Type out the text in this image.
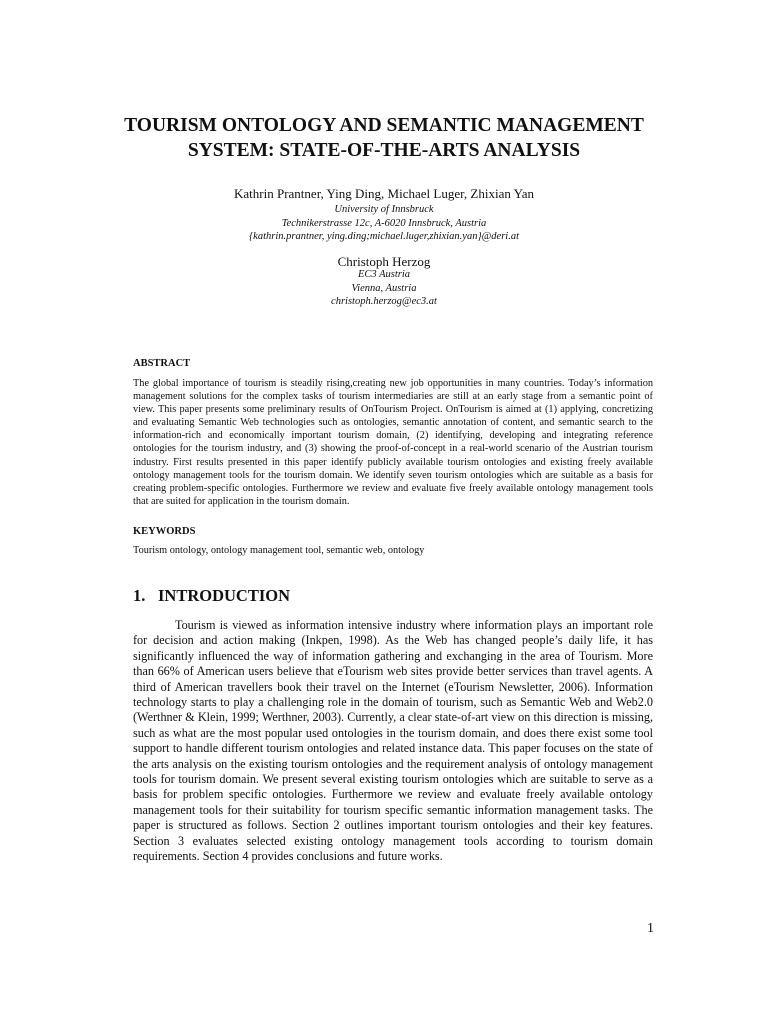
TOURISM ONTOLOGY AND SEMANTIC MANAGEMENT SYSTEM: STATE-OF-THE-ARTS ANALYSIS
Kathrin Prantner, Ying Ding, Michael Luger, Zhixian Yan
University of Innsbruck
Technikerstrasse 12c, A-6020 Innsbruck, Austria
{kathrin.prantner, ying.ding;michael.luger,zhixian.yan}@deri.at
Christoph Herzog
EC3 Austria
Vienna, Austria
christoph.herzog@ec3.at
ABSTRACT
The global importance of tourism is steadily rising,creating new job opportunities in many countries. Today’s information management solutions for the complex tasks of tourism intermediaries are still at an early stage from a semantic point of view. This paper presents some preliminary results of OnTourism Project. OnTourism is aimed at (1) applying, concretizing and evaluating Semantic Web technologies such as ontologies, semantic annotation of content, and semantic search to the information-rich and economically important tourism domain, (2) identifying, developing and integrating reference ontologies for the tourism industry, and (3) showing the proof-of-concept in a real-world scenario of the Austrian tourism industry. First results presented in this paper identify publicly available tourism ontologies and existing freely available ontology management tools for the tourism domain. We identify seven tourism ontologies which are suitable as a basis for creating problem-specific ontologies. Furthermore we review and evaluate five freely available ontology management tools that are suited for application in the tourism domain.
KEYWORDS
Tourism ontology, ontology management tool, semantic web, ontology
1. INTRODUCTION
Tourism is viewed as information intensive industry where information plays an important role for decision and action making (Inkpen, 1998). As the Web has changed people’s daily life, it has significantly influenced the way of information gathering and exchanging in the area of Tourism. More than 66% of American users believe that eTourism web sites provide better services than travel agents. A third of American travellers book their travel on the Internet (eTourism Newsletter, 2006). Information technology starts to play a challenging role in the domain of tourism, such as Semantic Web and Web2.0 (Werthner & Klein, 1999; Werthner, 2003). Currently, a clear state-of-art view on this direction is missing, such as what are the most popular used ontologies in the tourism domain, and does there exist some tool support to handle different tourism ontologies and related instance data. This paper focuses on the state of the arts analysis on the existing tourism ontologies and the requirement analysis of ontology management tools for tourism domain. We present several existing tourism ontologies which are suitable to serve as a basis for problem specific ontologies. Furthermore we review and evaluate freely available ontology management tools for their suitability for tourism specific semantic information management tasks. The paper is structured as follows. Section 2 outlines important tourism ontologies and their key features. Section 3 evaluates selected existing ontology management tools according to tourism domain requirements. Section 4 provides conclusions and future works.
1
